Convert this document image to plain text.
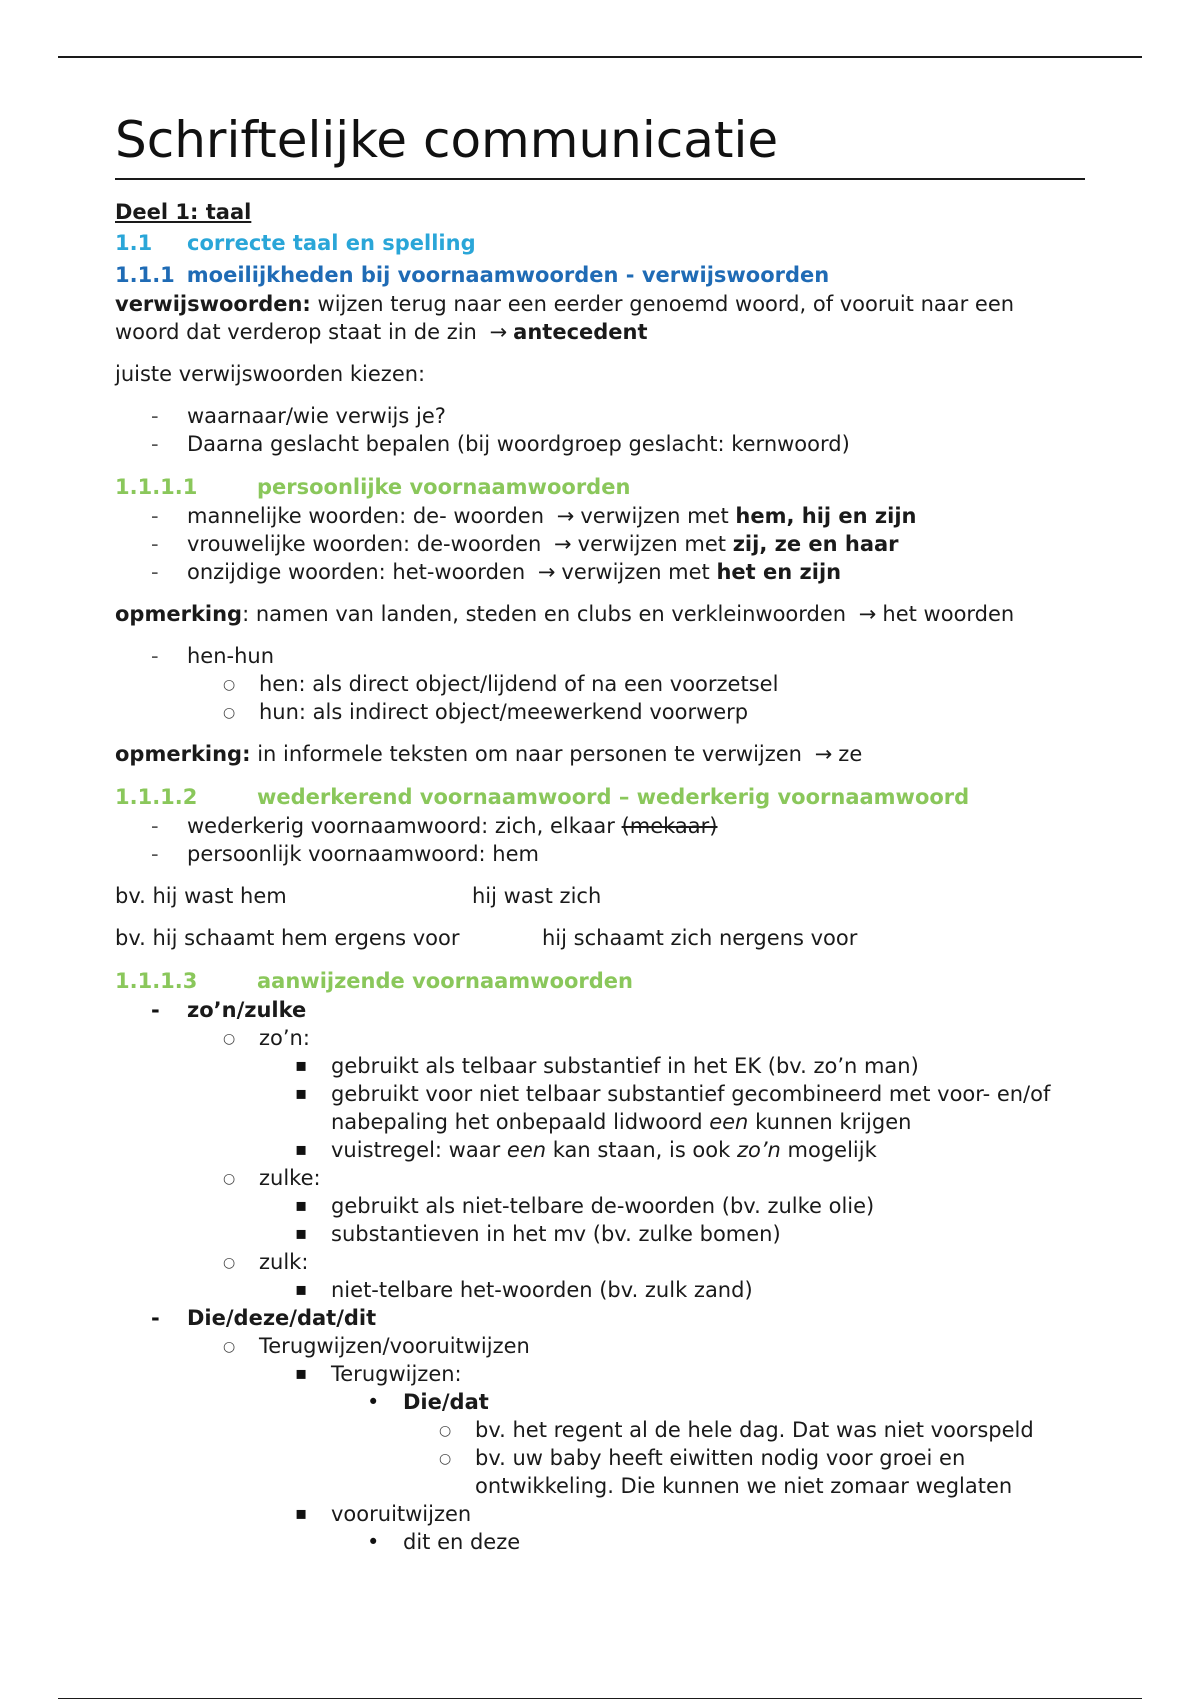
Schriftelijke communicatie
Deel 1: taal
1.1	correcte taal en spelling
1.1.1 moeilijkheden bij voornaamwoorden - verwijswoorden

verwijswoorden: wijzen terug naar een eerder genoemd woord, of vooruit naar een woord dat verderop staat in de zin → antecedent

juiste verwijswoorden kiezen:

- waarnaar/wie verwijs je?
- Daarna geslacht bepalen (bij woordgroep geslacht: kernwoord)
1.1.1.1	persoonlijke voornaamwoorden
- mannelijke woorden: de- woorden → verwijzen met hem, hij en zijn
- vrouwelijke woorden: de-woorden → verwijzen met zij, ze en haar
- onzijdige woorden: het-woorden → verwijzen met het en zijn

opmerking: namen van landen, steden en clubs en verkleinwoorden → het woorden

- hen-hun
○ hen: als direct object/lijdend of na een voorzetsel
○ hun: als indirect object/meewerkend voorwerp

opmerking: in informele teksten om naar personen te verwijzen → ze

1.1.1.2	wederkerend voornaamwoord – wederkerig voornaamwoord
- wederkerig voornaamwoord: zich, elkaar (mekaar)
- persoonlijk voornaamwoord: hem
bv. hij wast hem	hij wast zich
bv. hij schaamt hem ergens voor	hij schaamt zich nergens voor
1.1.1.3	aanwijzende voornaamwoorden
- zo’n/zulke
○ zo’n:
▪ gebruikt als telbaar substantief in het EK (bv. zo’n man)
▪ gebruikt voor niet telbaar substantief gecombineerd met voor- en/of nabepaling het onbepaald lidwoord een kunnen krijgen
▪ vuistregel: waar een kan staan, is ook zo’n mogelijk
○ zulke:
▪ gebruikt als niet-telbare de-woorden (bv. zulke olie)
▪ substantieven in het mv (bv. zulke bomen)
○ zulk:
▪ niet-telbare het-woorden (bv. zulk zand)
- Die/deze/dat/dit
○ Terugwijzen/vooruitwijzen
▪ Terugwijzen:
• Die/dat
○ bv. het regent al de hele dag. Dat was niet voorspeld
○ bv. uw baby heeft eiwitten nodig voor groei en ontwikkeling. Die kunnen we niet zomaar weglaten
▪ vooruitwijzen
• dit en deze
